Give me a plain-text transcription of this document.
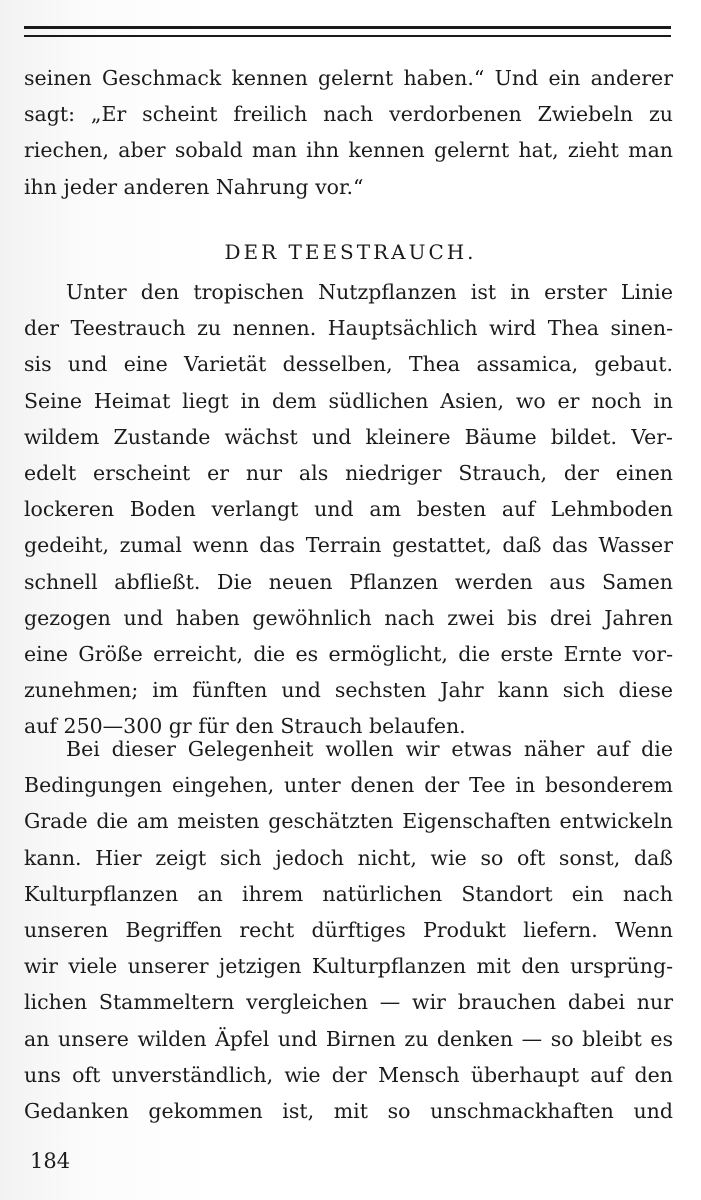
seinen Geschmack kennen gelernt haben.“ Und ein anderer
sagt: „Er scheint freilich nach verdorbenen Zwiebeln zu
riechen, aber sobald man ihn kennen gelernt hat, zieht man
ihn jeder anderen Nahrung vor.“
DER TEESTRAUCH.
Unter den tropischen Nutzpflanzen ist in erster Linie
der Teestrauch zu nennen. Hauptsächlich wird Thea sinen-
sis und eine Varietät desselben, Thea assamica, gebaut.
Seine Heimat liegt in dem südlichen Asien, wo er noch in
wildem Zustande wächst und kleinere Bäume bildet. Ver-
edelt erscheint er nur als niedriger Strauch, der einen
lockeren Boden verlangt und am besten auf Lehmboden
gedeiht, zumal wenn das Terrain gestattet, daß das Wasser
schnell abfließt. Die neuen Pflanzen werden aus Samen
gezogen und haben gewöhnlich nach zwei bis drei Jahren
eine Größe erreicht, die es ermöglicht, die erste Ernte vor-
zunehmen; im fünften und sechsten Jahr kann sich diese
auf 250—300 gr für den Strauch belaufen.
Bei dieser Gelegenheit wollen wir etwas näher auf die
Bedingungen eingehen, unter denen der Tee in besonderem
Grade die am meisten geschätzten Eigenschaften entwickeln
kann. Hier zeigt sich jedoch nicht, wie so oft sonst, daß
Kulturpflanzen an ihrem natürlichen Standort ein nach
unseren Begriffen recht dürftiges Produkt liefern. Wenn
wir viele unserer jetzigen Kulturpflanzen mit den ursprüng-
lichen Stammeltern vergleichen — wir brauchen dabei nur
an unsere wilden Äpfel und Birnen zu denken — so bleibt es
uns oft unverständlich, wie der Mensch überhaupt auf den
Gedanken gekommen ist, mit so unschmackhaften und
184
